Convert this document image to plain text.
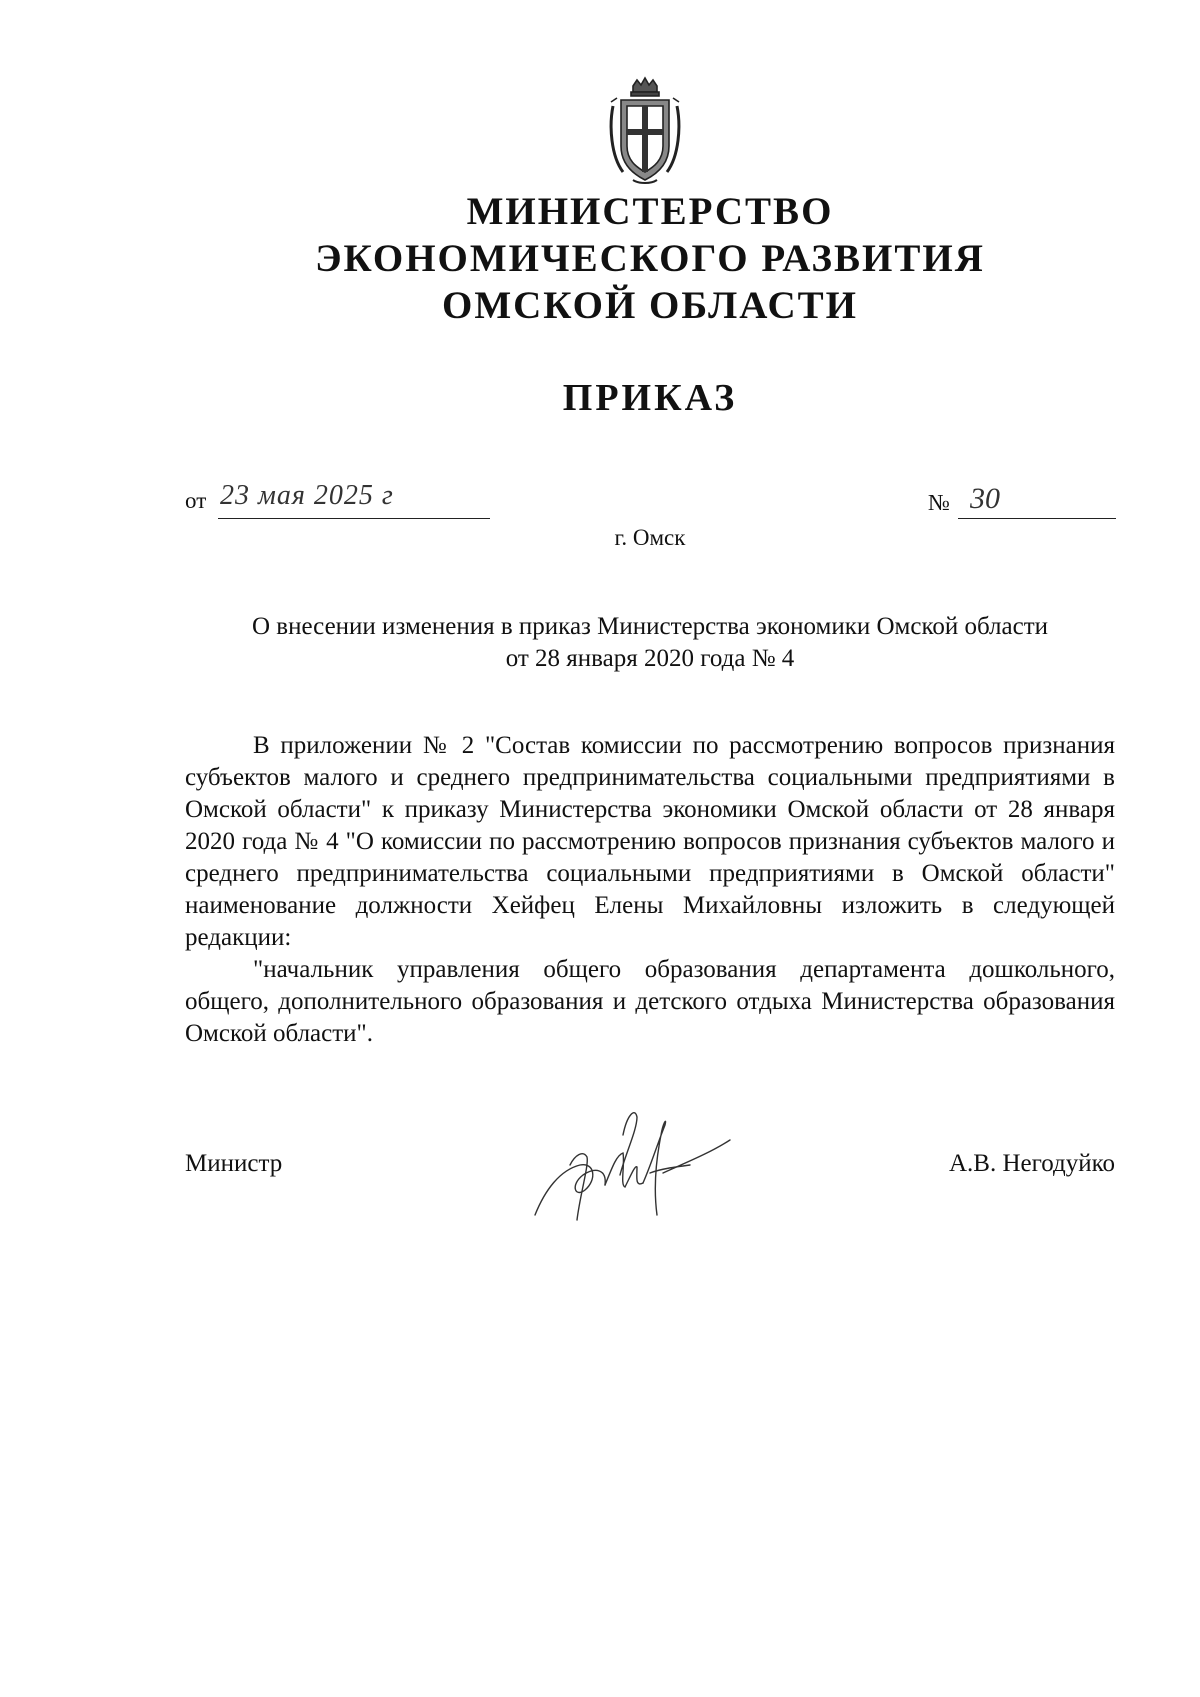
МИНИСТЕРСТВО
ЭКОНОМИЧЕСКОГО РАЗВИТИЯ
ОМСКОЙ ОБЛАСТИ
ПРИКАЗ
от 23 мая 2025 г	№ 30
г. Омск
О внесении изменения в приказ Министерства экономики Омской области
от 28 января 2020 года № 4

В приложении № 2 "Состав комиссии по рассмотрению вопросов признания субъектов малого и среднего предпринимательства социальными предприятиями в Омской области" к приказу Министерства экономики Омской области от 28 января 2020 года № 4 "О комиссии по рассмотрению вопросов признания субъектов малого и среднего предпринимательства социальными предприятиями в Омской области" наименование должности Хейфец Елены Михайловны изложить в следующей редакции:

"начальник управления общего образования департамента дошкольного, общего, дополнительного образования и детского отдыха Министерства образования Омской области".

Министр	А.В. Негодуйко
